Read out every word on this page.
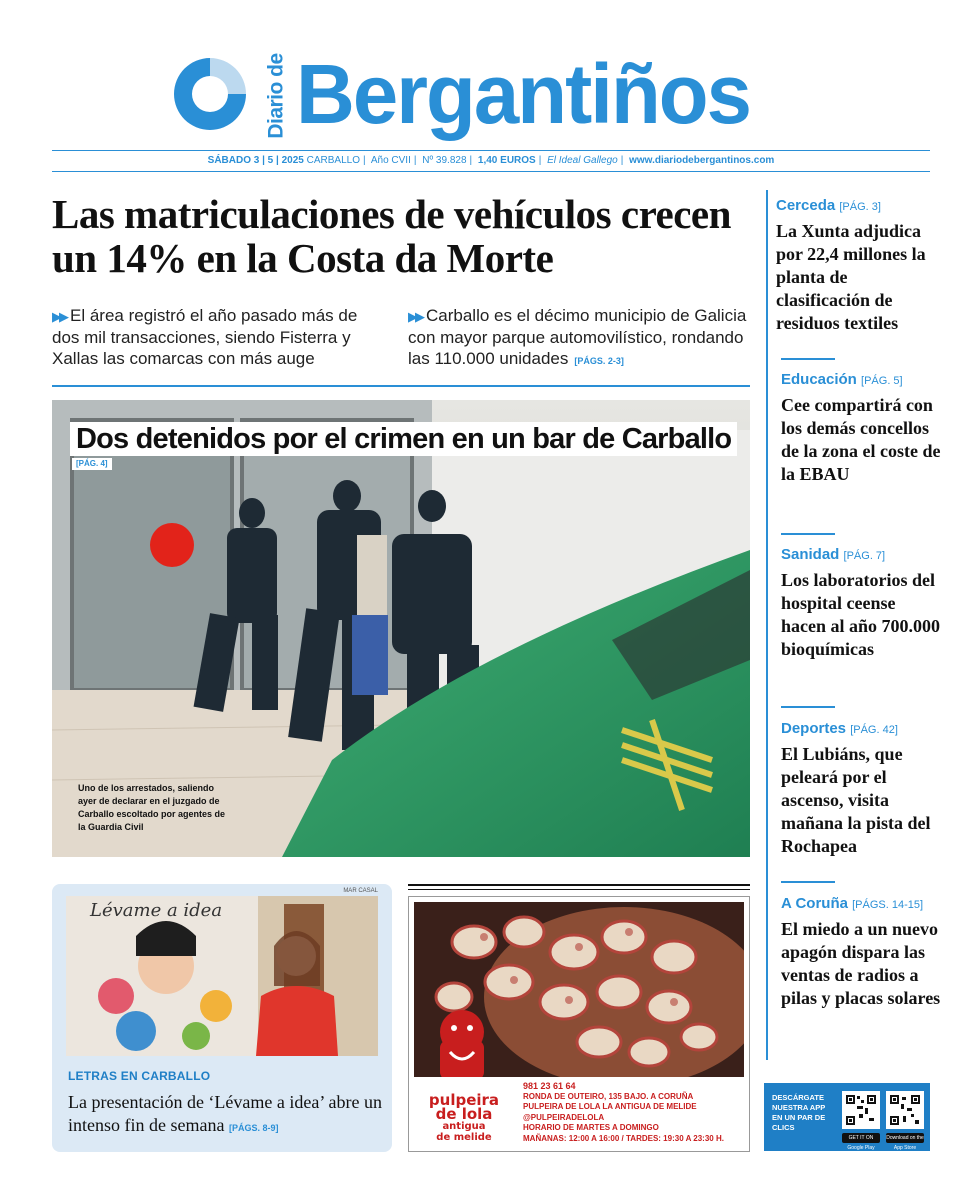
Diario de Bergantiños
SÁBADO 3 | 5 | 2025 CARBALLO | Año CVII | Nº 39.828 | 1,40 EUROS | El Ideal Gallego | www.diariodebergantinos.com
Las matriculaciones de vehículos crecen un 14% en la Costa da Morte
▶▶ El área registró el año pasado más de dos mil transacciones, siendo Fisterra y Xallas las comarcas con más auge
▶▶ Carballo es el décimo municipio de Galicia con mayor parque automovilístico, rondando las 110.000 unidades [PÁGS. 2-3]
Dos detenidos por el crimen en un bar de Carballo
[PÁG. 4]
Uno de los arrestados, saliendo ayer de declarar en el juzgado de Carballo escoltado por agentes de la Guardia Civil
Cerceda [PÁG. 3]
La Xunta adjudica por 22,4 millones la planta de clasificación de residuos textiles
Educación [PÁG. 5]
Cee compartirá con los demás concellos de la zona el coste de la EBAU
Sanidad [PÁG. 7]
Los laboratorios del hospital ceense hacen al año 700.000 bioquímicas
Deportes [PÁG. 42]
El Lubiáns, que peleará por el ascenso, visita mañana la pista del Rochapea
A Coruña [PÁGS. 14-15]
El miedo a un nuevo apagón dispara las ventas de radios a pilas y placas solares
DESCÁRGATE NUESTRA APP EN UN PAR DE CLICS
GET IT ON Google Play
Download on the App Store
MAR CASAL
Lévame a idea
LETRAS EN CARBALLO
La presentación de ‘Lévame a idea’ abre un intenso fin de semana [PÁGS. 8-9]
pulpeira
de lola
antigua
de melide
981 23 61 64
RONDA DE OUTEIRO, 135 BAJO. A CORUÑA
PULPEIRA DE LOLA LA ANTIGUA DE MELIDE
@PULPEIRADELOLA
HORARIO DE MARTES A DOMINGO
MAÑANAS: 12:00 A 16:00 / TARDES: 19:30 A 23:30 H.
